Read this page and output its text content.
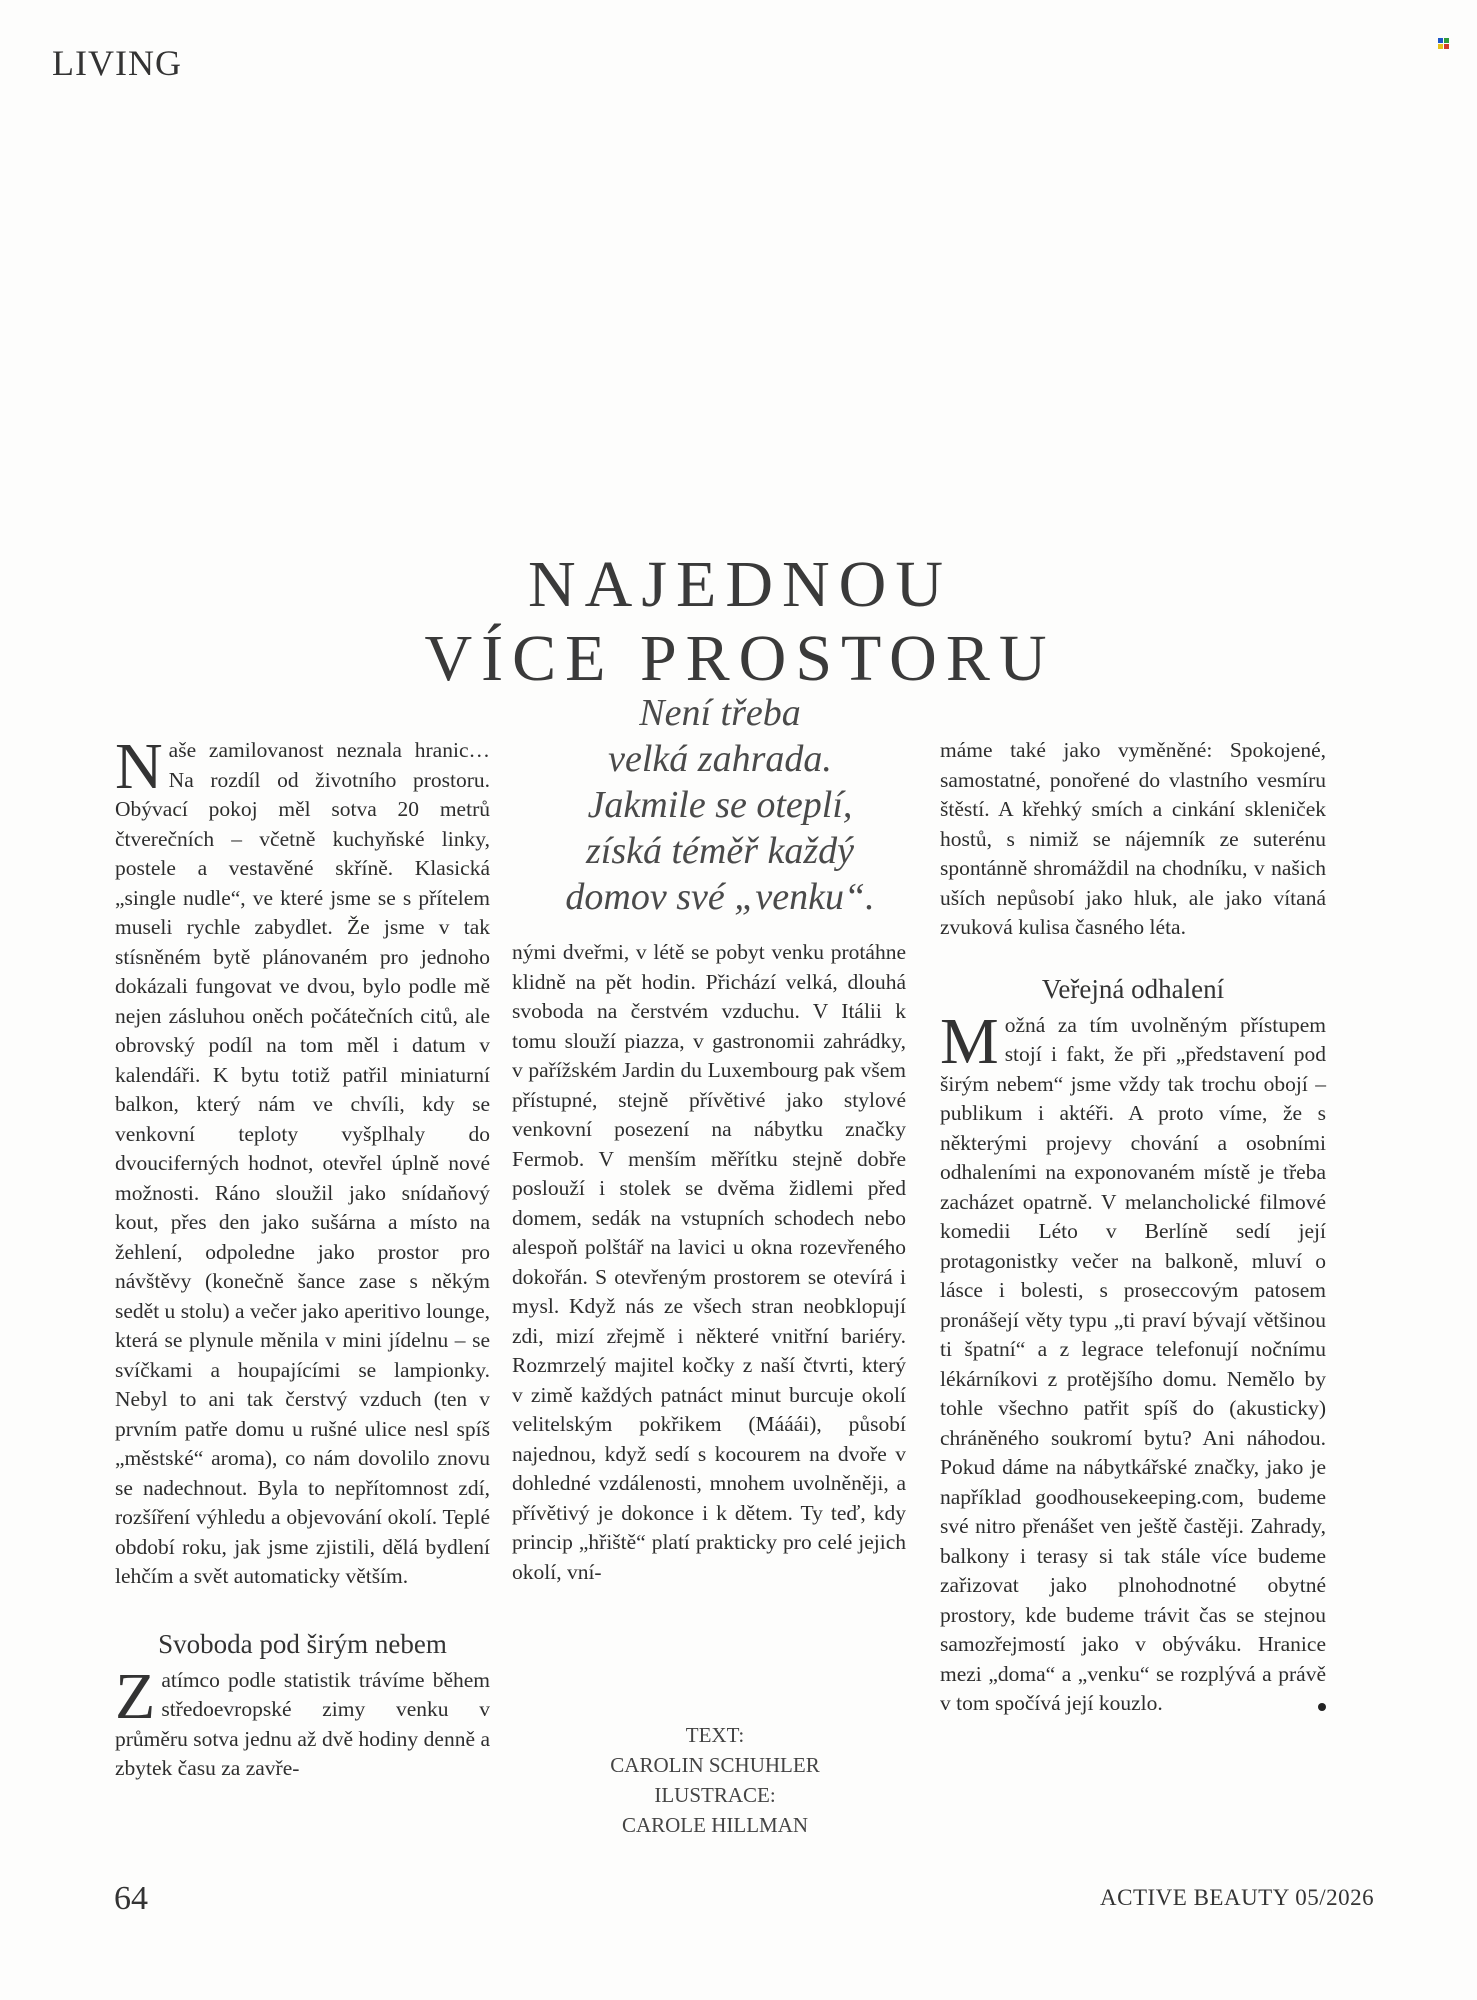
LIVING
NAJEDNOU
VÍCE PROSTORU

Naše zamilovanost neznala hranic… Na rozdíl od životního prostoru. Obývací pokoj měl sotva 20 metrů čtverečních – včetně kuchyňské linky, postele a vestavěné skříně. Klasická „single nudle“, ve které jsme se s přítelem museli rychle zabydlet. Že jsme v tak stísněném bytě plánovaném pro jednoho dokázali fungovat ve dvou, bylo podle mě nejen zásluhou oněch počátečních citů, ale obrovský podíl na tom měl i datum v kalendáři. K bytu totiž patřil miniaturní balkon, který nám ve chvíli, kdy se venkovní teploty vyšplhaly do dvouciferných hodnot, otevřel úplně nové možnosti. Ráno sloužil jako snídaňový kout, přes den jako sušárna a místo na žehlení, odpoledne jako prostor pro návštěvy (konečně šance zase s někým sedět u stolu) a večer jako aperitivo lounge, která se plynule měnila v mini jídelnu – se svíčkami a houpajícími se lampionky. Nebyl to ani tak čerstvý vzduch (ten v prvním patře domu u rušné ulice nesl spíš „městské“ aroma), co nám dovolilo znovu se nadechnout. Byla to nepřítomnost zdí, rozšíření výhledu a objevování okolí. Teplé období roku, jak jsme zjistili, dělá bydlení lehčím a svět automaticky větším.

Svoboda pod širým nebem

Zatímco podle statistik trávíme během středoevropské zimy venku v průměru sotva jednu až dvě hodiny denně a zbytek času za zavře-

Není třeba
velká zahrada.
Jakmile se oteplí,
získá téměř každý
domov své „venku“.

nými dveřmi, v létě se pobyt venku protáhne klidně na pět hodin. Přichází velká, dlouhá svoboda na čerstvém vzduchu. V Itálii k tomu slouží piazza, v gastronomii zahrádky, v pařížském Jardin du Luxembourg pak všem přístupné, stejně přívětivé jako stylové venkovní posezení na nábytku značky Fermob. V menším měřítku stejně dobře poslouží i stolek se dvěma židlemi před domem, sedák na vstupních schodech nebo alespoň polštář na lavici u okna rozevřeného dokořán. S otevřeným prostorem se otevírá i mysl. Když nás ze všech stran neobklopují zdi, mizí zřejmě i některé vnitřní bariéry. Rozmrzelý majitel kočky z naší čtvrti, který v zimě každých patnáct minut burcuje okolí velitelským pokřikem (Mááái), působí najednou, když sedí s kocourem na dvoře v dohledné vzdálenosti, mnohem uvolněněji, a přívětivý je dokonce i k dětem. Ty teď, kdy princip „hřiště“ platí prakticky pro celé jejich okolí, vní-

TEXT:
CAROLIN SCHUHLER
ILUSTRACE:
CAROLE HILLMAN

máme také jako vyměněné: Spokojené, samostatné, ponořené do vlastního vesmíru štěstí. A křehký smích a cinkání skleniček hostů, s nimiž se nájemník ze suterénu spontánně shromáždil na chodníku, v našich uších nepůsobí jako hluk, ale jako vítaná zvuková kulisa časného léta.

Veřejná odhalení

Možná za tím uvolněným přístupem stojí i fakt, že při „představení pod širým nebem“ jsme vždy tak trochu obojí – publikum i aktéři. A proto víme, že s některými projevy chování a osobními odhaleními na exponovaném místě je třeba zacházet opatrně. V melancholické filmové komedii Léto v Berlíně sedí její protagonistky večer na balkoně, mluví o lásce i bolesti, s proseccovým patosem pronášejí věty typu „ti praví bývají většinou ti špatní“ a z legrace telefonují nočnímu lékárníkovi z protějšího domu. Nemělo by tohle všechno patřit spíš do (akusticky) chráněného soukromí bytu? Ani náhodou. Pokud dáme na nábytkářské značky, jako je například goodhousekeeping.com, budeme své nitro přenášet ven ještě častěji. Zahrady, balkony i terasy si tak stále více budeme zařizovat jako plnohodnotné obytné prostory, kde budeme trávit čas se stejnou samozřejmostí jako v obýváku. Hranice mezi „doma“ a „venku“ se rozplývá a právě v tom spočívá její kouzlo.

64	ACTIVE BEAUTY 05/2026
